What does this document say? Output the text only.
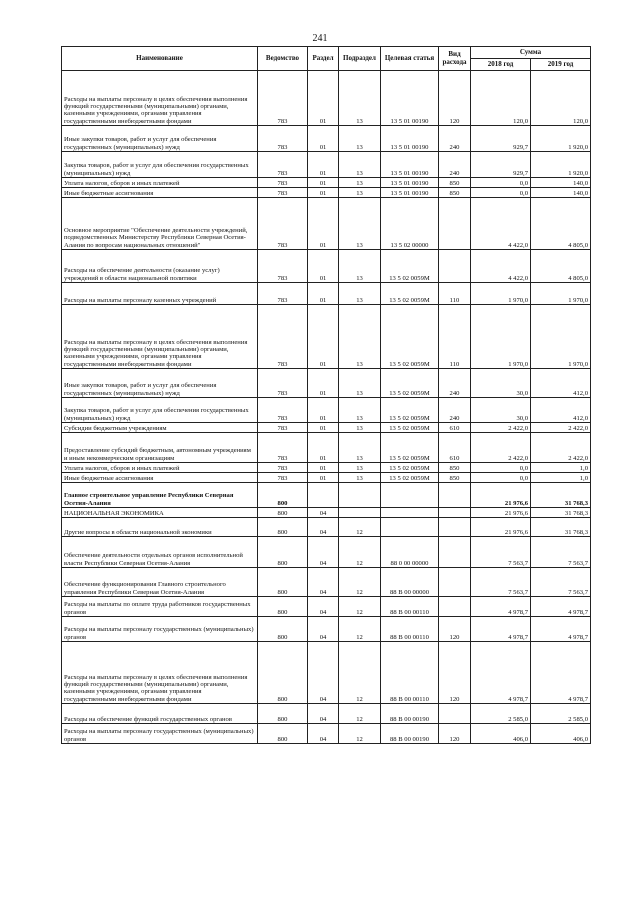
241
Наименование	Ведомство	Раздел	Подраздел	Целевая статья	Вид расхода	Сумма	
						2018 год	2019 год
Расходы на выплаты персоналу в целях обеспечения выполнения функций государственными (муниципальными) органами, казенными учреждениями, органами управления государственными внебюджетными фондами	783	01	13	13 5 01 00190	120	120,0	120,0
Иные закупки товаров, работ и услуг для обеспечения государственных (муниципальных) нужд	783	01	13	13 5 01 00190	240	929,7	1 920,0
Закупка товаров, работ и услуг для обеспечения государственных (муниципальных) нужд	783	01	13	13 5 01 00190	240	929,7	1 920,0
Уплата налогов, сборов и иных платежей	783	01	13	13 5 01 00190	850	0,0	140,0
Иные бюджетные ассигнования	783	01	13	13 5 01 00190	850	0,0	140,0
Основное мероприятие "Обеспечение деятельности учреждений, подведомственных Министерству Республики Северная Осетия-Алания по вопросам национальных отношений"	783	01	13	13 5 02 00000		4 422,0	4 805,0
Расходы на обеспечение деятельности (оказание услуг) учреждений в области национальной политики	783	01	13	13 5 02 0059M		4 422,0	4 805,0
Расходы на выплаты персоналу казенных учреждений	783	01	13	13 5 02 0059M	110	1 970,0	1 970,0
Расходы на выплаты персоналу в целях обеспечения выполнения функций государственными (муниципальными) органами, казенными учреждениями, органами управления государственными внебюджетными фондами	783	01	13	13 5 02 0059M	110	1 970,0	1 970,0
Иные закупки товаров, работ и услуг для обеспечения государственных (муниципальных) нужд	783	01	13	13 5 02 0059M	240	30,0	412,0
Закупка товаров, работ и услуг для обеспечения государственных (муниципальных) нужд	783	01	13	13 5 02 0059M	240	30,0	412,0
Субсидии бюджетным учреждениям	783	01	13	13 5 02 0059M	610	2 422,0	2 422,0
Предоставление субсидий бюджетным, автономным учреждениям и иным некоммерческим организациям	783	01	13	13 5 02 0059M	610	2 422,0	2 422,0
Уплата налогов, сборов и иных платежей	783	01	13	13 5 02 0059M	850	0,0	1,0
Иные бюджетные ассигнования	783	01	13	13 5 02 0059M	850	0,0	1,0
Главное строительное управление Республики Северная Осетия-Алания	800					21 976,6	31 768,3
НАЦИОНАЛЬНАЯ ЭКОНОМИКА	800	04				21 976,6	31 768,3
Другие вопросы в области национальной экономики	800	04	12			21 976,6	31 768,3
Обеспечение деятельности отдельных органов исполнительной власти Республики Северная Осетия-Алания	800	04	12	88 0 00 00000		7 563,7	7 563,7
Обеспечение функционирования Главного строительного управления Республики Северная Осетия-Алания	800	04	12	88 В 00 00000		7 563,7	7 563,7
Расходы на выплаты по оплате труда работников государственных органов	800	04	12	88 В 00 00110		4 978,7	4 978,7
Расходы на выплаты персоналу государственных (муниципальных) органов	800	04	12	88 В 00 00110	120	4 978,7	4 978,7
Расходы на выплаты персоналу в целях обеспечения выполнения функций государственными (муниципальными) органами, казенными учреждениями, органами управления государственными внебюджетными фондами	800	04	12	88 В 00 00110	120	4 978,7	4 978,7
Расходы на обеспечение функций государственных органов	800	04	12	88 В 00 00190		2 585,0	2 585,0
Расходы на выплаты персоналу государственных (муниципальных) органов	800	04	12	88 В 00 00190	120	406,0	406,0
